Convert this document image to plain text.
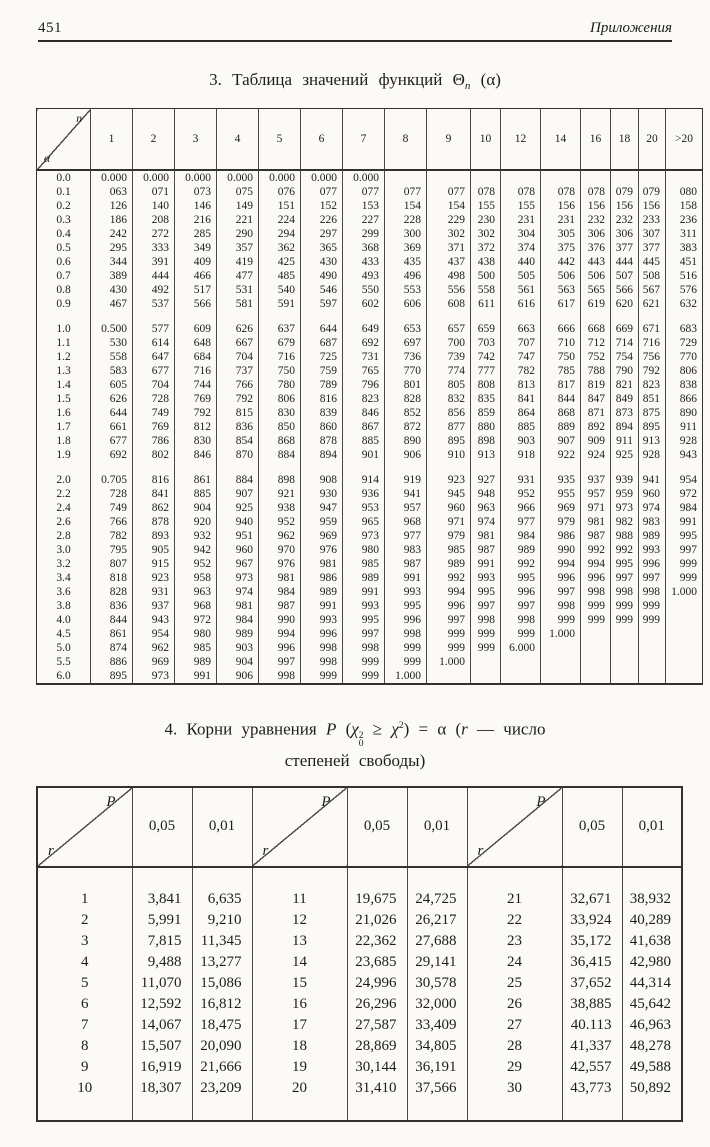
451	Приложения
3. Таблица значений функций $\Theta_n$ (α)
n
α	1	2	3	4	5	6	7	8	9	10	12	14	16	18	20	>20
0.0	0.000	0.000	0.000	0.000	0.000	0.000	0.000									
0.1	063	071	073	075	076	077	077	077	077	078	078	078	078	079	079	080
0.2	126	140	146	149	151	152	153	154	154	155	155	156	156	156	156	158
0.3	186	208	216	221	224	226	227	228	229	230	231	231	232	232	233	236
0.4	242	272	285	290	294	297	299	300	302	302	304	305	306	306	307	311
0.5	295	333	349	357	362	365	368	369	371	372	374	375	376	377	377	383
0.6	344	391	409	419	425	430	433	435	437	438	440	442	443	444	445	451
0.7	389	444	466	477	485	490	493	496	498	500	505	506	506	507	508	516
0.8	430	492	517	531	540	546	550	553	556	558	561	563	565	566	567	576
0.9	467	537	566	581	591	597	602	606	608	611	616	617	619	620	621	632

1.0	0.500	577	609	626	637	644	649	653	657	659	663	666	668	669	671	683
1.1	530	614	648	667	679	687	692	697	700	703	707	710	712	714	716	729
1.2	558	647	684	704	716	725	731	736	739	742	747	750	752	754	756	770
1.3	583	677	716	737	750	759	765	770	774	777	782	785	788	790	792	806
1.4	605	704	744	766	780	789	796	801	805	808	813	817	819	821	823	838
1.5	626	728	769	792	806	816	823	828	832	835	841	844	847	849	851	866
1.6	644	749	792	815	830	839	846	852	856	859	864	868	871	873	875	890
1.7	661	769	812	836	850	860	867	872	877	880	885	889	892	894	895	911
1.8	677	786	830	854	868	878	885	890	895	898	903	907	909	911	913	928
1.9	692	802	846	870	884	894	901	906	910	913	918	922	924	925	928	943

2.0	0.705	816	861	884	898	908	914	919	923	927	931	935	937	939	941	954
2.2	728	841	885	907	921	930	936	941	945	948	952	955	957	959	960	972
2.4	749	862	904	925	938	947	953	957	960	963	966	969	971	973	974	984
2.6	766	878	920	940	952	959	965	968	971	974	977	979	981	982	983	991
2.8	782	893	932	951	962	969	973	977	979	981	984	986	987	988	989	995
3.0	795	905	942	960	970	976	980	983	985	987	989	990	992	992	993	997
3.2	807	915	952	967	976	981	985	987	989	991	992	994	994	995	996	999
3.4	818	923	958	973	981	986	989	991	992	993	995	996	996	997	997	999
3.6	828	931	963	974	984	989	991	993	994	995	996	997	998	998	998	1.000
3.8	836	937	968	981	987	991	993	995	996	997	997	998	999	999	999	
4.0	844	943	972	984	990	993	995	996	997	998	998	999	999	999	999	
4.5	861	954	980	989	994	996	997	998	999	999	999	1.000				
5.0	874	962	985	903	996	998	998	999	999	999	6.000					
5.5	886	969	989	904	997	998	999	999	1.000							
6.0	895	973	991	906	998	999	999	1.000								
4. Корни уравнения P (χ 2
0
≥ $\chi^2) = \alpha$ (r — число
степеней свободы)
P
r	0,05	0,01	P
r	0,05	0,01	P
r	0,05	0,01

1	3,841	6,635	11	19,675	24,725	21	32,671	38,932
2	5,991	9,210	12	21,026	26,217	22	33,924	40,289
3	7,815	11,345	13	22,362	27,688	23	35,172	41,638
4	9,488	13,277	14	23,685	29,141	24	36,415	42,980
5	11,070	15,086	15	24,996	30,578	25	37,652	44,314
6	12,592	16,812	16	26,296	32,000	26	38,885	45,642
7	14,067	18,475	17	27,587	33,409	27	40.113	46,963
8	15,507	20,090	18	28,869	34,805	28	41,337	48,278
9	16,919	21,666	19	30,144	36,191	29	42,557	49,588
10	18,307	23,209	20	31,410	37,566	30	43,773	50,892
